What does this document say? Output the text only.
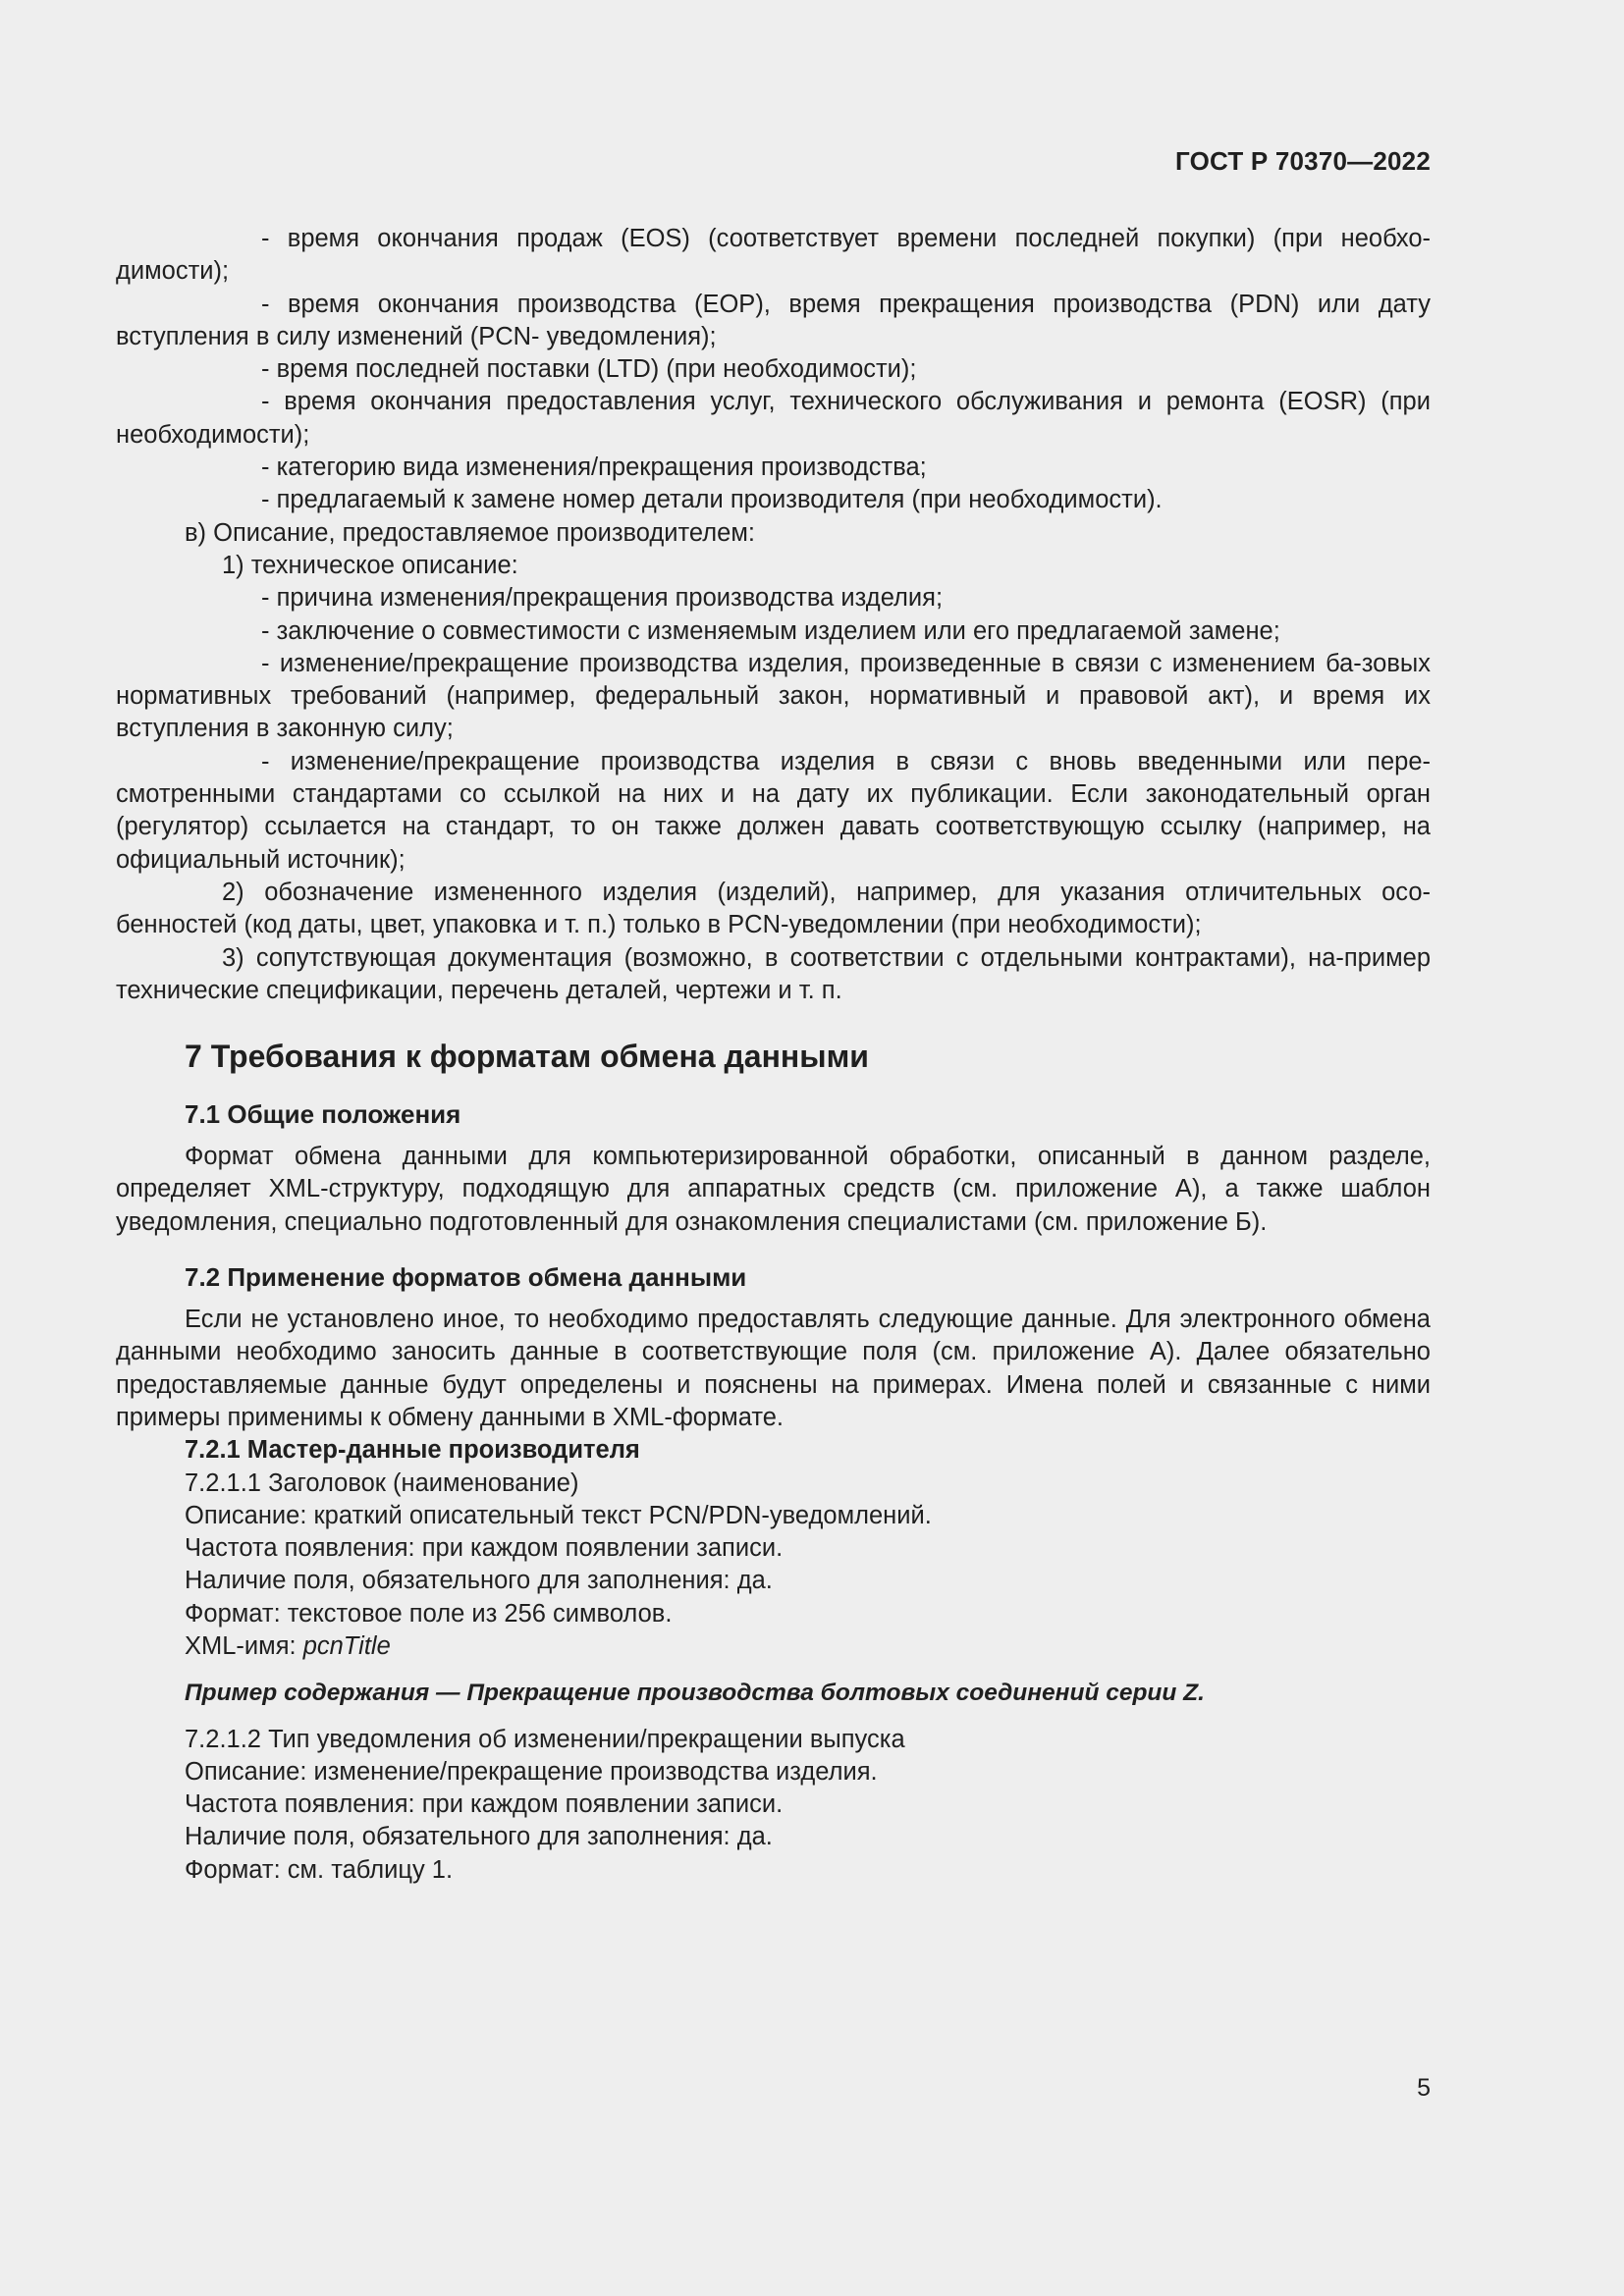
ГОСТ Р 70370—2022

- время окончания продаж (EOS) (соответствует времени последней покупки) (при необхо-димости);

- время окончания производства (EOP), время прекращения производства (PDN) или дату вступления в силу изменений (PCN- уведомления);

- время последней поставки (LTD) (при необходимости);

- время окончания предоставления услуг, технического обслуживания и ремонта (EOSR) (при необходимости);

- категорию вида изменения/прекращения производства;

- предлагаемый к замене номер детали производителя (при необходимости).

в) Описание, предоставляемое производителем:

1) техническое описание:

- причина изменения/прекращения производства изделия;

- заключение о совместимости с изменяемым изделием или его предлагаемой замене;

- изменение/прекращение производства изделия, произведенные в связи с изменением ба-зовых нормативных требований (например, федеральный закон, нормативный и правовой акт), и время их вступления в законную силу;

- изменение/прекращение производства изделия в связи с вновь введенными или пере-смотренными стандартами со ссылкой на них и на дату их публикации. Если законодательный орган (регулятор) ссылается на стандарт, то он также должен давать соответствующую ссылку (например, на официальный источник);

2) обозначение измененного изделия (изделий), например, для указания отличительных осо-бенностей (код даты, цвет, упаковка и т. п.) только в PCN-уведомлении (при необходимости);

3) сопутствующая документация (возможно, в соответствии с отдельными контрактами), на-пример технические спецификации, перечень деталей, чертежи и т. п.

7 Требования к форматам обмена данными
7.1 Общие положения

Формат обмена данными для компьютеризированной обработки, описанный в данном разделе, определяет XML-структуру, подходящую для аппаратных средств (см. приложение А), а также шаблон уведомления, специально подготовленный для ознакомления специалистами (см. приложение Б).

7.2 Применение форматов обмена данными

Если не установлено иное, то необходимо предоставлять следующие данные. Для электронного обмена данными необходимо заносить данные в соответствующие поля (см. приложение А). Далее обязательно предоставляемые данные будут определены и пояснены на примерах. Имена полей и связанные с ними примеры применимы к обмену данными в XML-формате.

7.2.1 Мастер-данные производителя

7.2.1.1 Заголовок (наименование)

Описание: краткий описательный текст PCN/PDN-уведомлений.

Частота появления: при каждом появлении записи.

Наличие поля, обязательного для заполнения: да.

Формат: текстовое поле из 256 символов.

XML-имя: pcnTitle

Пример содержания — Прекращение производства болтовых соединений серии Z.

7.2.1.2 Тип уведомления об изменении/прекращении выпуска

Описание: изменение/прекращение производства изделия.

Частота появления: при каждом появлении записи.

Наличие поля, обязательного для заполнения: да.

Формат: см. таблицу 1.

5
